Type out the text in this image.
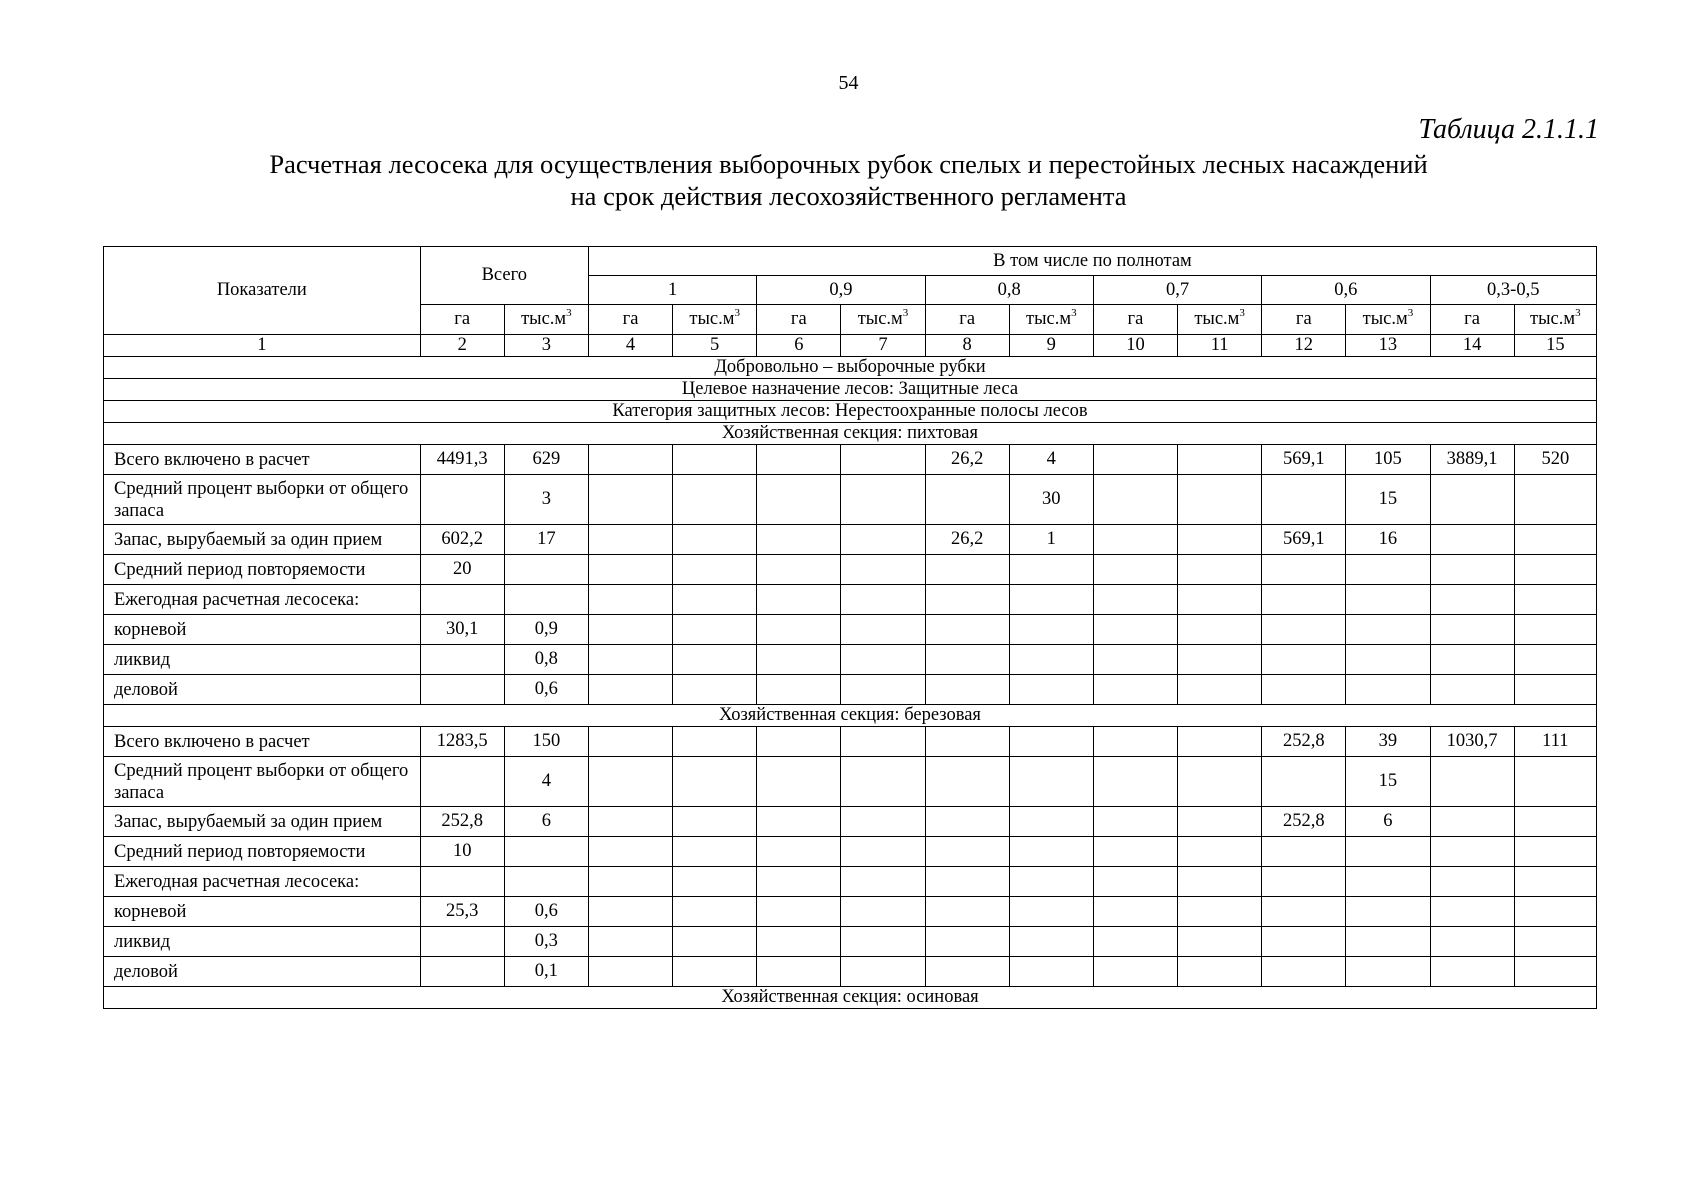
54
Таблица 2.1.1.1
Расчетная лесосека для осуществления выборочных рубок спелых и перестойных лесных насаждений
на срок действия лесохозяйственного регламента
Показатели	Всего		В том числе по полнотам											
			1		0,9		0,8		0,7		0,6		0,3-0,5	
	га	$тыс.м^3$	га	$тыс.м^3$	га	$тыс.м^3$	га	$тыс.м^3$	га	$тыс.м^3$	га	$тыс.м^3$	га	$тыс.м^3$
1	2	3	4	5	6	7	8	9	10	11	12	13	14	15
Добровольно – выборочные рубки														
Целевое назначение лесов: Защитные леса														
Категория защитных лесов: Нерестоохранные полосы лесов														
Хозяйственная секция: пихтовая														
Всего включено в расчет	4491,3	629					26,2	4			569,1	105	3889,1	520
Средний процент выборки от общего запаса		3						30				15		
Запас, вырубаемый за один прием	602,2	17					26,2	1			569,1	16		
Средний период повторяемости	20													
Ежегодная расчетная лесосека:														
корневой	30,1	0,9												
ликвид		0,8												
деловой		0,6												
Хозяйственная секция: березовая														
Всего включено в расчет	1283,5	150									252,8	39	1030,7	111
Средний процент выборки от общего запаса		4										15		
Запас, вырубаемый за один прием	252,8	6									252,8	6		
Средний период повторяемости	10													
Ежегодная расчетная лесосека:														
корневой	25,3	0,6												
ликвид		0,3												
деловой		0,1												
Хозяйственная секция: осиновая														
